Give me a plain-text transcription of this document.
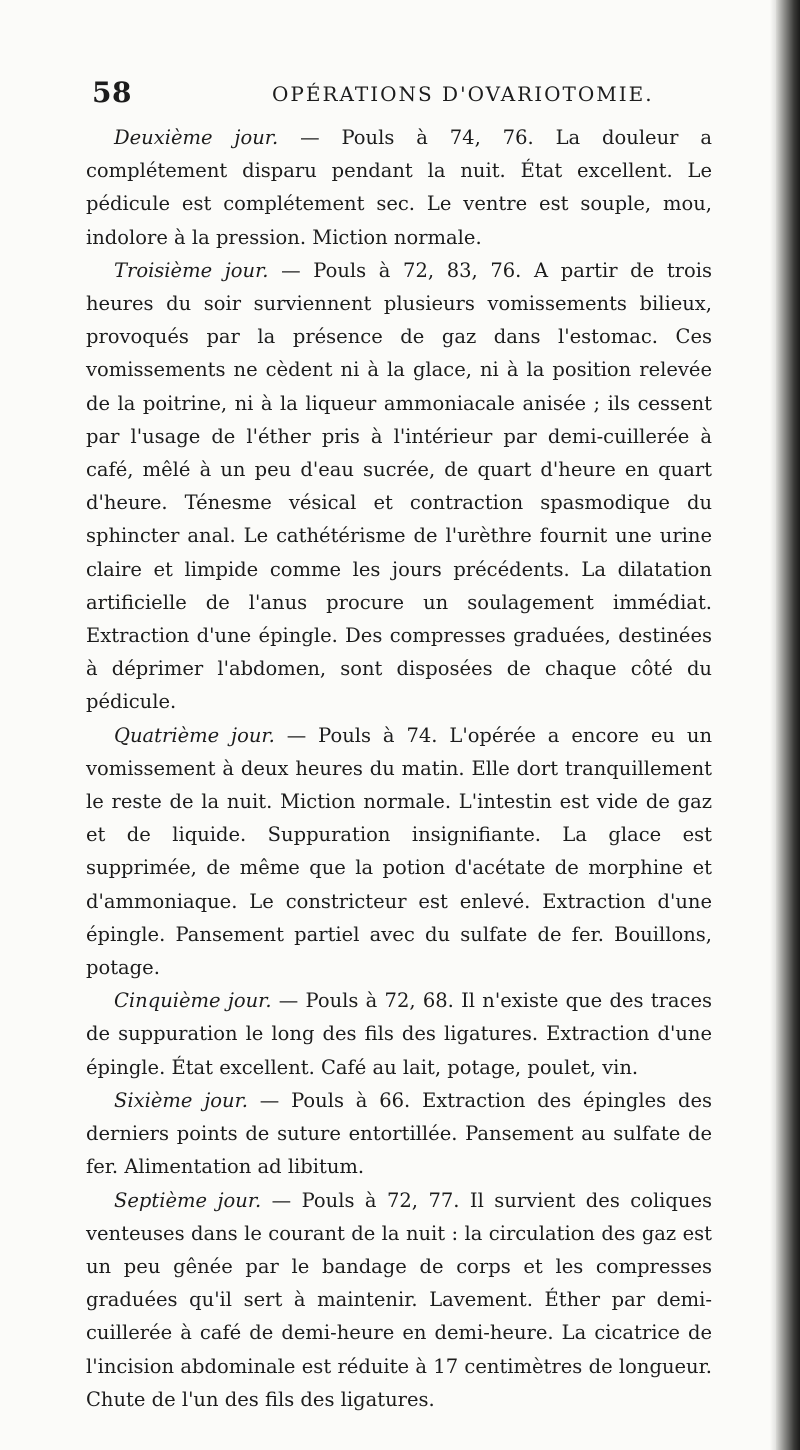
58	OPÉRATIONS D'OVARIOTOMIE.

Deuxième jour. — Pouls à 74, 76. La douleur a complétement disparu pendant la nuit. État excellent. Le pédicule est complétement sec. Le ventre est souple, mou, indolore à la pression. Miction normale.

Troisième jour. — Pouls à 72, 83, 76. A partir de trois heures du soir surviennent plusieurs vomissements bilieux, provoqués par la présence de gaz dans l'estomac. Ces vomissements ne cèdent ni à la glace, ni à la position relevée de la poitrine, ni à la liqueur ammoniacale anisée ; ils cessent par l'usage de l'éther pris à l'intérieur par demi-cuillerée à café, mêlé à un peu d'eau sucrée, de quart d'heure en quart d'heure. Ténesme vésical et contraction spasmodique du sphincter anal. Le cathétérisme de l'urèthre fournit une urine claire et limpide comme les jours précédents. La dilatation artificielle de l'anus procure un soulagement immédiat. Extraction d'une épingle. Des compresses graduées, destinées à déprimer l'abdomen, sont disposées de chaque côté du pédicule.

Quatrième jour. — Pouls à 74. L'opérée a encore eu un vomissement à deux heures du matin. Elle dort tranquillement le reste de la nuit. Miction normale. L'intestin est vide de gaz et de liquide. Suppuration insignifiante. La glace est supprimée, de même que la potion d'acétate de morphine et d'ammoniaque. Le constricteur est enlevé. Extraction d'une épingle. Pansement partiel avec du sulfate de fer. Bouillons, potage.

Cinquième jour. — Pouls à 72, 68. Il n'existe que des traces de suppuration le long des fils des ligatures. Extraction d'une épingle. État excellent. Café au lait, potage, poulet, vin.

Sixième jour. — Pouls à 66. Extraction des épingles des derniers points de suture entortillée. Pansement au sulfate de fer. Alimentation ad libitum.

Septième jour. — Pouls à 72, 77. Il survient des coliques venteuses dans le courant de la nuit : la circulation des gaz est un peu gênée par le bandage de corps et les compresses graduées qu'il sert à maintenir. Lavement. Éther par demi-cuillerée à café de demi-heure en demi-heure. La cicatrice de l'incision abdominale est réduite à 17 centimètres de longueur. Chute de l'un des fils des ligatures.
